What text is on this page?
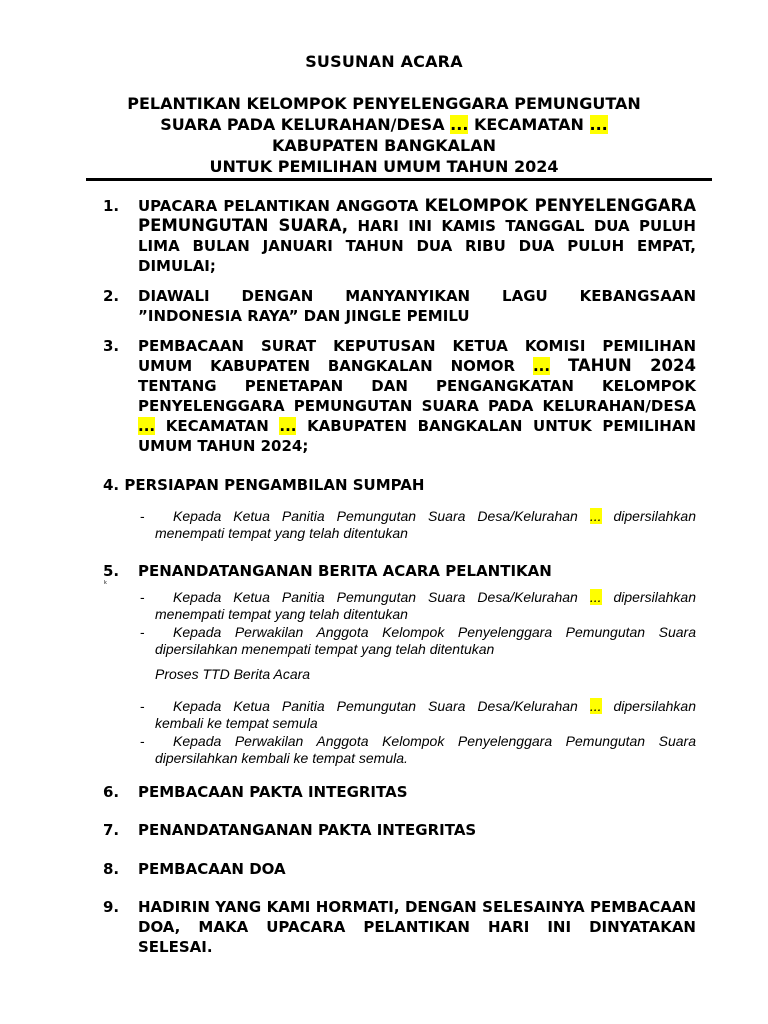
SUSUNAN ACARA
PELANTIKAN KELOMPOK PENYELENGGARA PEMUNGUTAN
SUARA PADA KELURAHAN/DESA ... KECAMATAN ...
KABUPATEN BANGKALAN
UNTUK PEMILIHAN UMUM TAHUN 2024
1. UPACARA PELANTIKAN ANGGOTA KELOMPOK PENYELENGGARA PEMUNGUTAN SUARA, HARI INI KAMIS TANGGAL DUA PULUH LIMA BULAN JANUARI TAHUN DUA RIBU DUA PULUH EMPAT, DIMULAI;
2. DIAWALI DENGAN MANYANYIKAN LAGU KEBANGSAAN ”INDONESIA RAYA” DAN JINGLE PEMILU
3. PEMBACAAN SURAT KEPUTUSAN KETUA KOMISI PEMILIHAN UMUM KABUPATEN BANGKALAN NOMOR ... TAHUN 2024 TENTANG PENETAPAN DAN PENGANGKATAN KELOMPOK PENYELENGGARA PEMUNGUTAN SUARA PADA KELURAHAN/DESA ... KECAMATAN ... KABUPATEN BANGKALAN UNTUK PEMILIHAN UMUM TAHUN 2024;
4. PERSIAPAN PENGAMBILAN SUMPAH
- Kepada Ketua Panitia Pemungutan Suara Desa/Kelurahan ... dipersilahkan
menempati tempat yang telah ditentukan
5. PENANDATANGANAN BERITA ACARA PELANTIKAN
k
- Kepada Ketua Panitia Pemungutan Suara Desa/Kelurahan ... dipersilahkan
menempati tempat yang telah ditentukan
- Kepada Perwakilan Anggota Kelompok Penyelenggara Pemungutan Suara
dipersilahkan menempati tempat yang telah ditentukan
Proses TTD Berita Acara
- Kepada Ketua Panitia Pemungutan Suara Desa/Kelurahan ... dipersilahkan
kembali ke tempat semula
- Kepada Perwakilan Anggota Kelompok Penyelenggara Pemungutan Suara
dipersilahkan kembali ke tempat semula.
6. PEMBACAAN PAKTA INTEGRITAS
7. PENANDATANGANAN PAKTA INTEGRITAS
8. PEMBACAAN DOA
9. HADIRIN YANG KAMI HORMATI, DENGAN SELESAINYA PEMBACAAN DOA, MAKA UPACARA PELANTIKAN HARI INI DINYATAKAN SELESAI.
